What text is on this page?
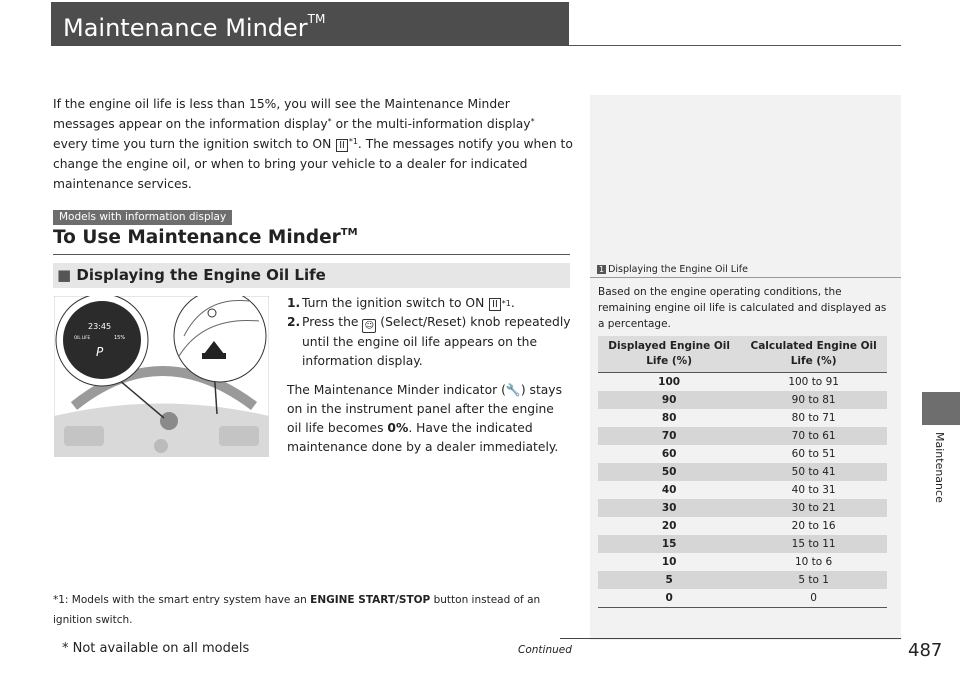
Maintenance Minder™
If the engine oil life is less than 15%, you will see the Maintenance Minder messages appear on the information display* or the multi-information display* every time you turn the ignition switch to ON II $^{*1}$. The messages notify you when to change the engine oil, or when to bring your vehicle to a dealer for indicated maintenance services.
Models with information display
To Use Maintenance Minder™
■ Displaying the Engine Oil Life
23:45
OIL LIFE	15%
P
1. Turn the ignition switch to ON II $^{*1}$.
2. Press the ☺ (Select/Reset) knob repeatedly until the engine oil life appears on the information display.
The Maintenance Minder indicator (🔧) stays on in the instrument panel after the engine oil life becomes 0%. Have the indicated maintenance done by a dealer immediately.
*1: Models with the smart entry system have an ENGINE START/STOP button instead of an ignition switch.
1 Displaying the Engine Oil Life
Based on the engine operating conditions, the remaining engine oil life is calculated and displayed as a percentage.
Displayed Engine Oil Life (%)	Calculated Engine Oil Life (%)
100	100 to 91
90	90 to 81
80	80 to 71
70	70 to 61
60	60 to 51
50	50 to 41
40	40 to 31
30	30 to 21
20	20 to 16
15	15 to 11
10	10 to 6
5	5 to 1
0	0
Maintenance
* Not available on all models	Continued	487
